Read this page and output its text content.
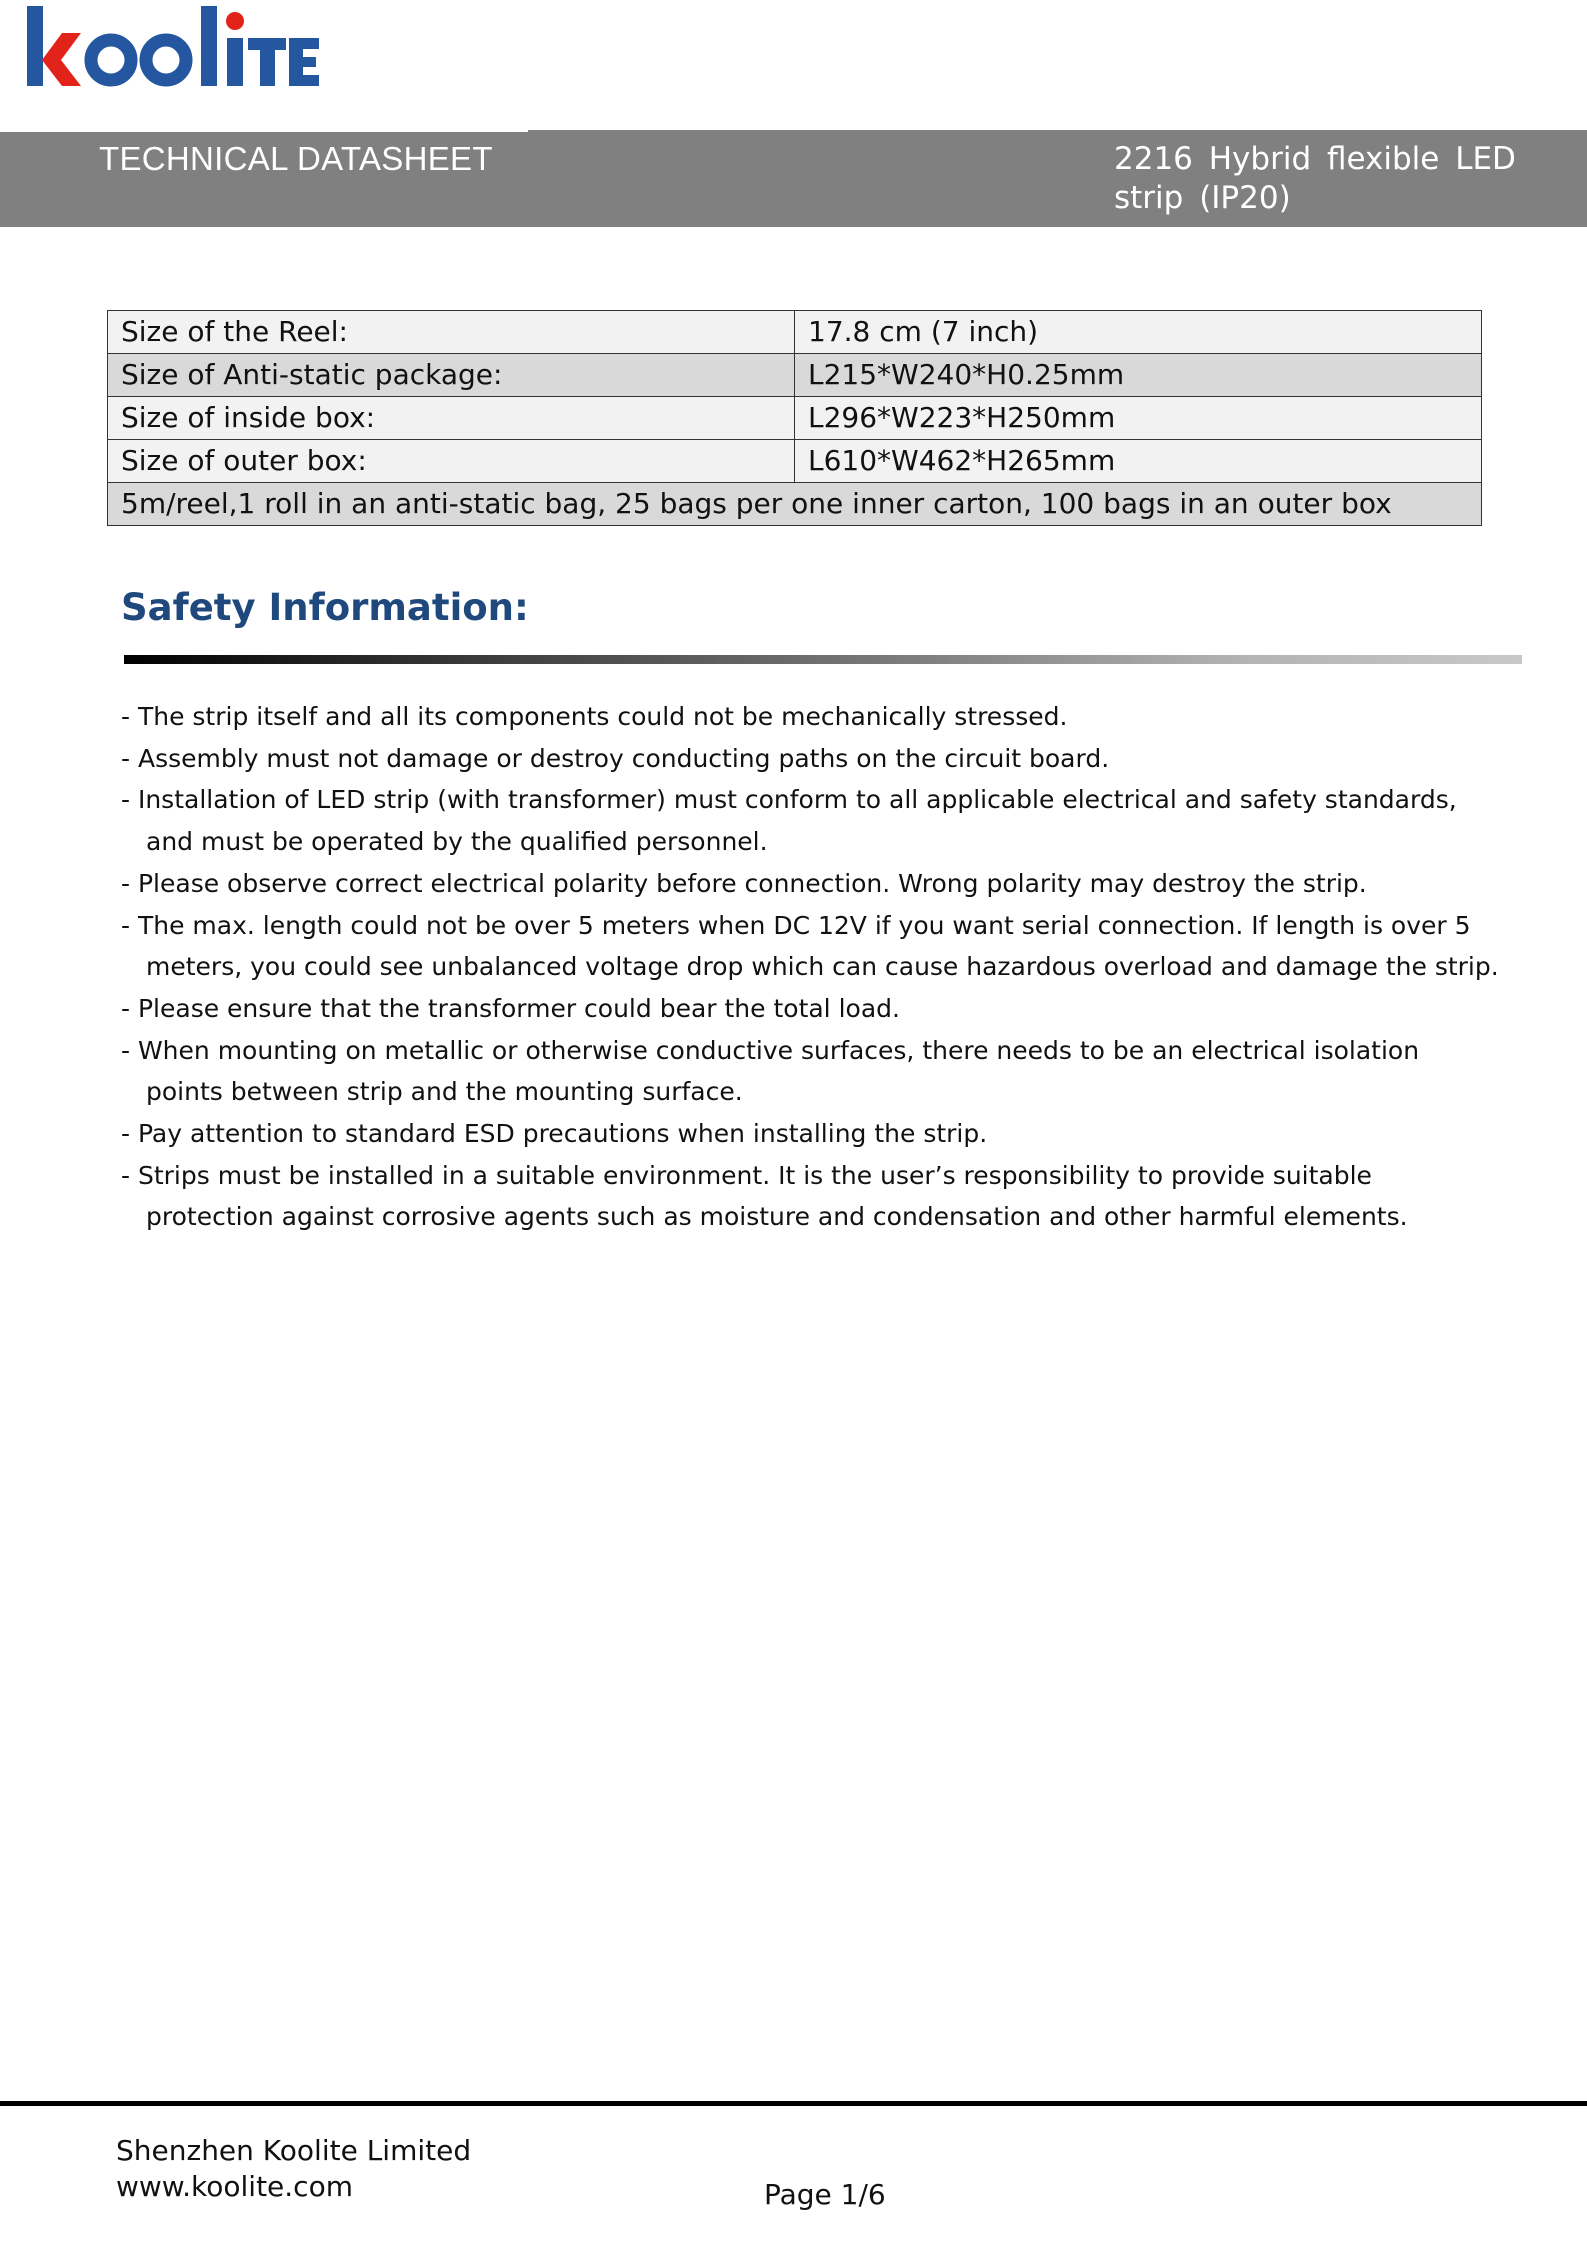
TECHNICAL DATASHEET	2216 Hybrid flexible LED strip (IP20)
Size of the Reel:	17.8 cm (7 inch)
Size of Anti-static package:	L215*W240*H0.25mm
Size of inside box:	L296*W223*H250mm
Size of outer box:	L610*W462*H265mm
5m/reel,1 roll in an anti-static bag, 25 bags per one inner carton, 100 bags in an outer box	
Safety Information:
- The strip itself and all its components could not be mechanically stressed.
- Assembly must not damage or destroy conducting paths on the circuit board.
- Installation of LED strip (with transformer) must conform to all applicable electrical and safety standards, and must be operated by the qualified personnel.
- Please observe correct electrical polarity before connection. Wrong polarity may destroy the strip.
- The max. length could not be over 5 meters when DC 12V if you want serial connection. If length is over 5 meters, you could see unbalanced voltage drop which can cause hazardous overload and damage the strip.
- Please ensure that the transformer could bear the total load.
- When mounting on metallic or otherwise conductive surfaces, there needs to be an electrical isolation points between strip and the mounting surface.
- Pay attention to standard ESD precautions when installing the strip.
- Strips must be installed in a suitable environment. It is the user’s responsibility to provide suitable protection against corrosive agents such as moisture and condensation and other harmful elements.
Shenzhen Koolite Limited
www.koolite.com	Page 1/6
